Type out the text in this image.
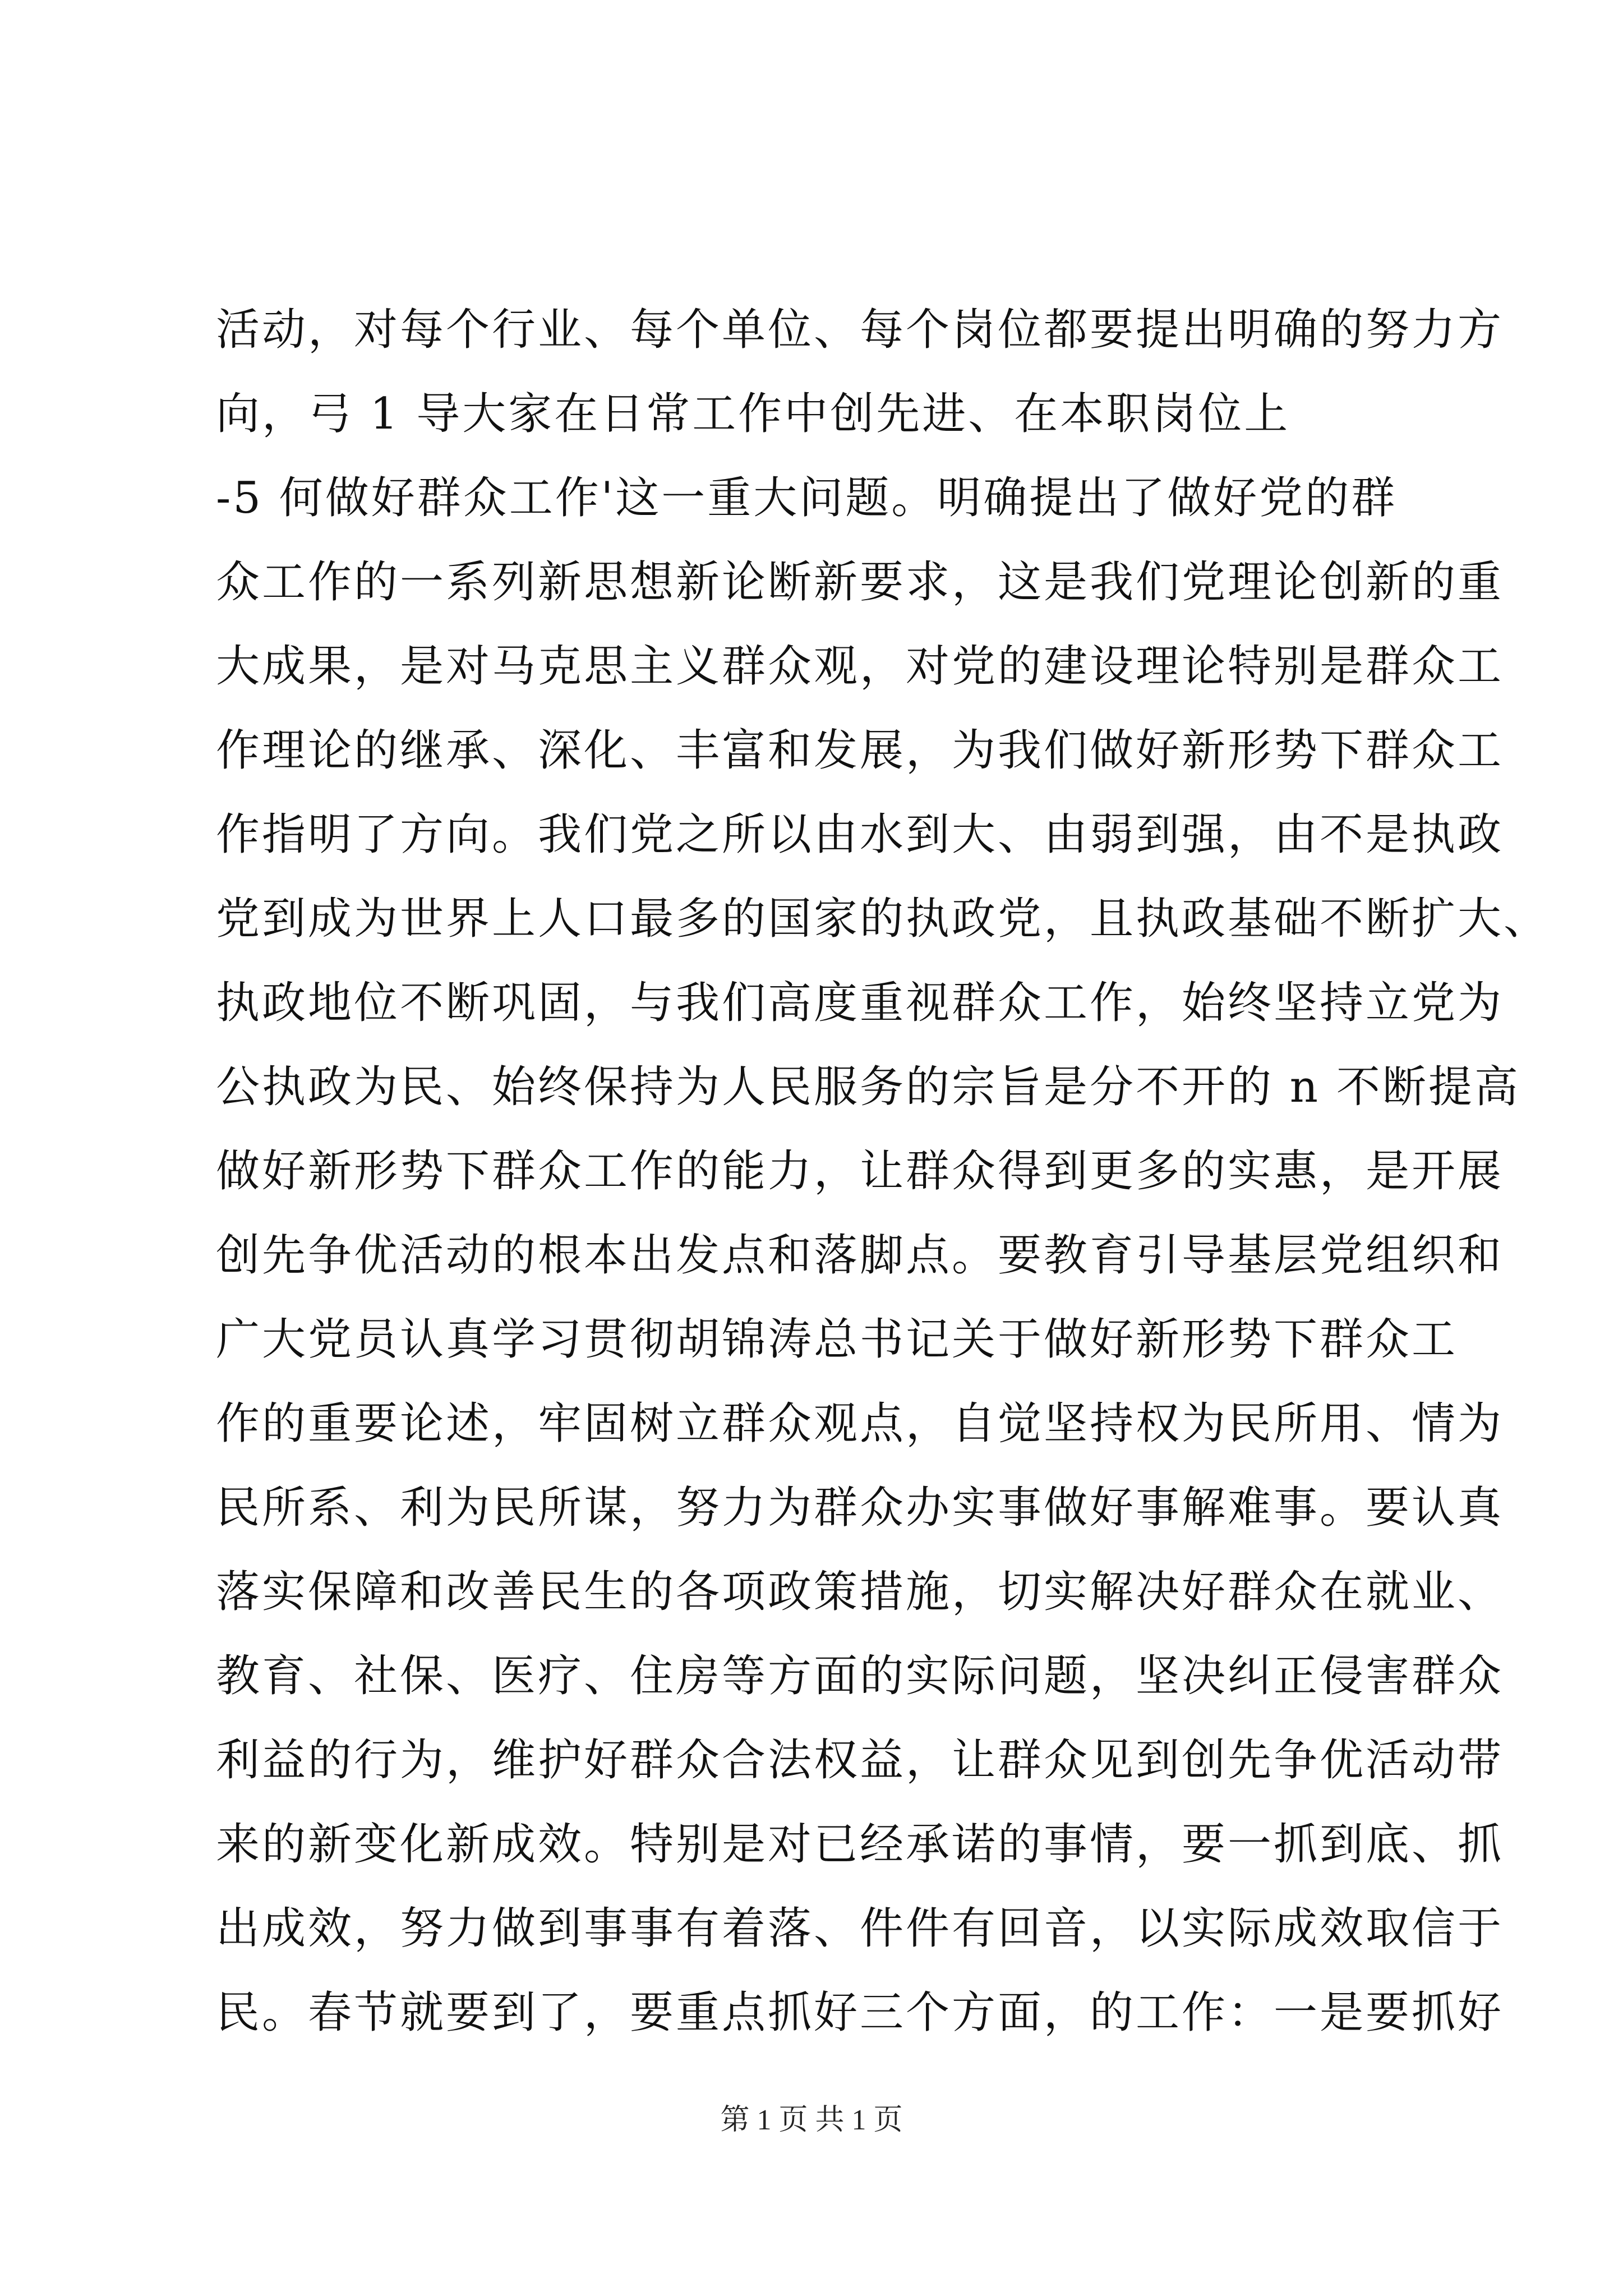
活动，对每个行业、每个单位、每个岗位都要提出明确的努力方
向，弓 1 导大家在日常工作中创先进、在本职岗位上
-5 何做好群众工作'这一重大问题。明确提出了做好党的群
众工作的一系列新思想新论断新要求，这是我们党理论创新的重
大成果，是对马克思主义群众观，对党的建设理论特别是群众工
作理论的继承、深化、丰富和发展，为我们做好新形势下群众工
作指明了方向。我们党之所以由水到大、由弱到强，由不是执政
党到成为世界上人口最多的国家的执政党，且执政基础不断扩大、
执政地位不断巩固，与我们高度重视群众工作，始终坚持立党为
公执政为民、始终保持为人民服务的宗旨是分不开的 n 不断提高
做好新形势下群众工作的能力，让群众得到更多的实惠，是开展
创先争优活动的根本出发点和落脚点。要教育引导基层党组织和
广大党员认真学习贯彻胡锦涛总书记关于做好新形势下群众工
作的重要论述，牢固树立群众观点，自觉坚持权为民所用、情为
民所系、利为民所谋，努力为群众办实事做好事解难事。要认真
落实保障和改善民生的各项政策措施，切实解决好群众在就业、
教育、社保、医疗、住房等方面的实际问题，坚决纠正侵害群众
利益的行为，维护好群众合法权益，让群众见到创先争优活动带
来的新变化新成效。特别是对已经承诺的事情，要一抓到底、抓
出成效，努力做到事事有着落、件件有回音，以实际成效取信于
民。春节就要到了，要重点抓好三个方面，的工作：一是要抓好
第 1 页 共 1 页
